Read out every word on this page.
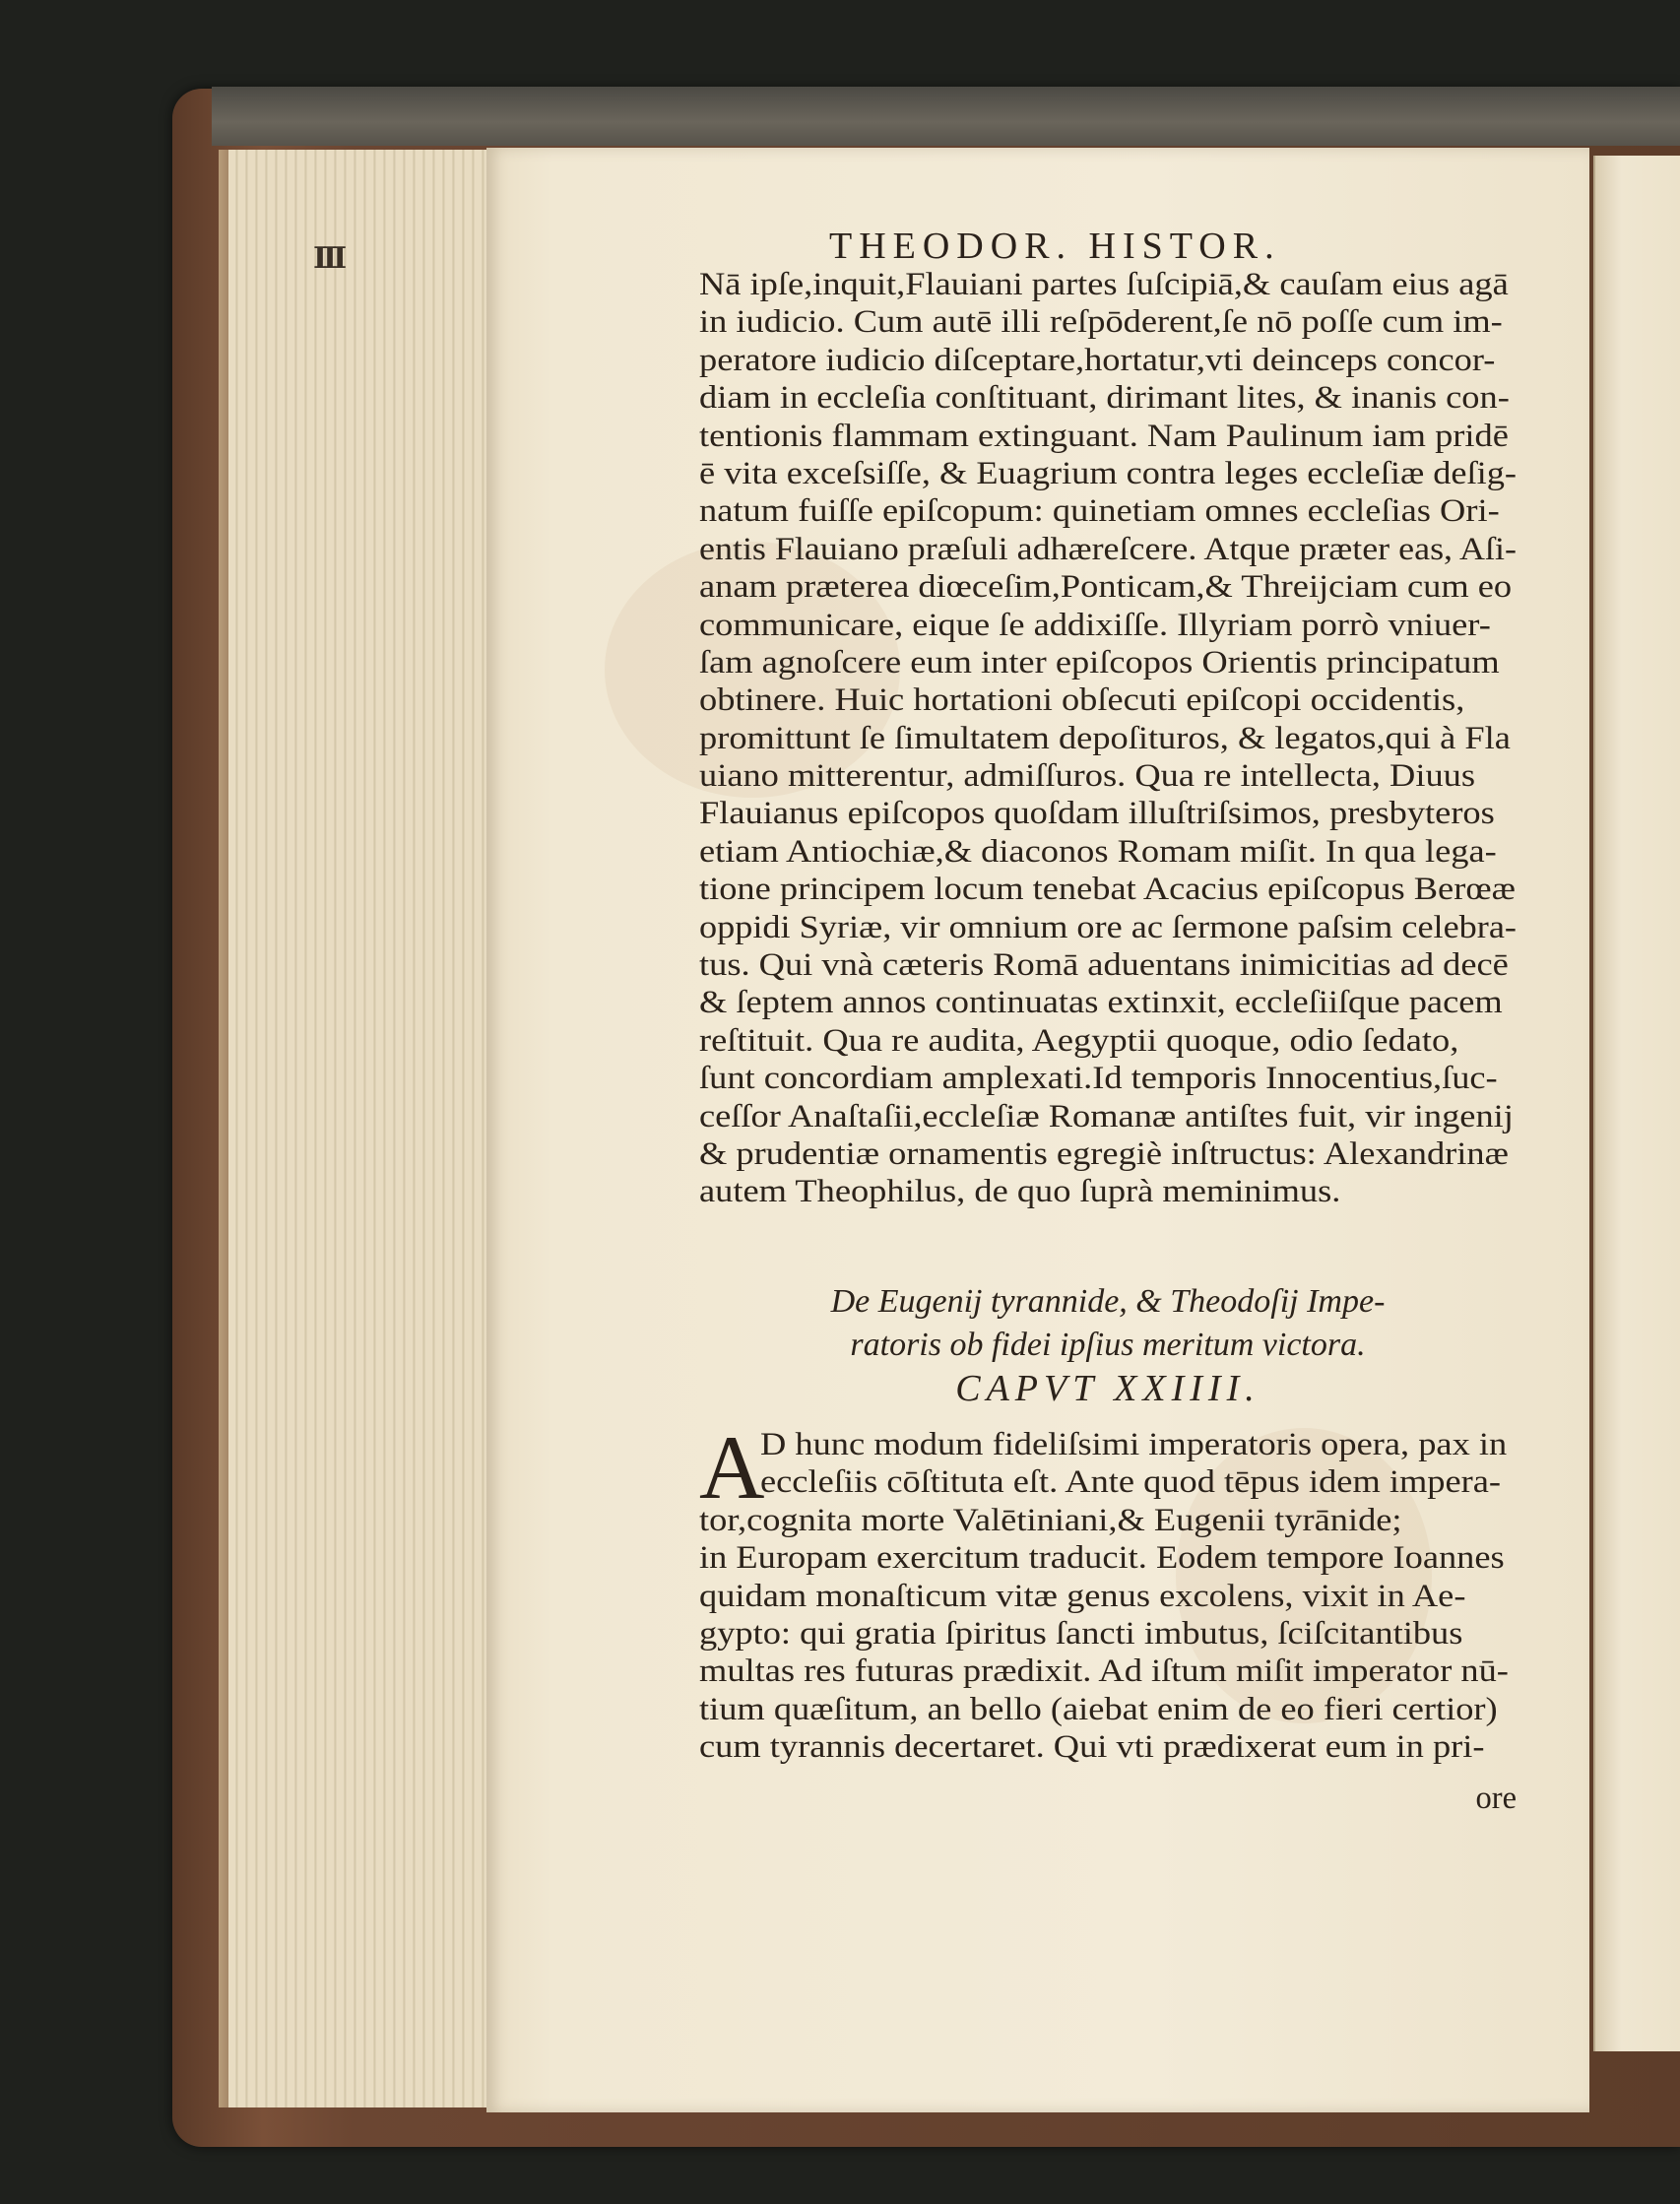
III	THEODOR. HISTOR.
Nā ipſe,inquit,Flauiani partes ſuſcipiā,& cauſam eius agā
in iudicio. Cum autē illi reſpōderent,ſe nō poſſe cum im-
peratore iudicio diſceptare,hortatur,vti deinceps concor-
diam in eccleſia conſtituant, dirimant lites, & inanis con-
tentionis flammam extinguant. Nam Paulinum iam pridē
ē vita exceſsiſſe, & Euagrium contra leges eccleſiæ deſig-
natum fuiſſe epiſcopum: quinetiam omnes eccleſias Ori-
entis Flauiano præſuli adhæreſcere. Atque præter eas, Aſi-
anam præterea diœceſim,Ponticam,& Threijciam cum eo
communicare, eique ſe addixiſſe. Illyriam porrò vniuer-
ſam agnoſcere eum inter epiſcopos Orientis principatum
obtinere. Huic hortationi obſecuti epiſcopi occidentis,
promittunt ſe ſimultatem depoſituros, & legatos,qui à Fla
uiano mitterentur, admiſſuros. Qua re intellecta, Diuus
Flauianus epiſcopos quoſdam illuſtriſsimos, presbyteros
etiam Antiochiæ,& diaconos Romam miſit. In qua lega-
tione principem locum tenebat Acacius epiſcopus Berœæ
oppidi Syriæ, vir omnium ore ac ſermone paſsim celebra-
tus. Qui vnà cæteris Romā aduentans inimicitias ad decē
& ſeptem annos continuatas extinxit, eccleſiiſque pacem
reſtituit. Qua re audita, Aegyptii quoque, odio ſedato,
ſunt concordiam amplexati.Id temporis Innocentius,ſuc-
ceſſor Anaſtaſii,eccleſiæ Romanæ antiſtes fuit, vir ingenij
& prudentiæ ornamentis egregiè inſtructus: Alexandrinæ
autem Theophilus, de quo ſuprà meminimus.
De Eugenij tyrannide, & Theodoſij Impe-
ratoris ob fidei ipſius meritum victora.
CAPVT XXIIII.
A
D hunc modum fideliſsimi imperatoris opera, pax in
eccleſiis cōſtituta eſt. Ante quod tēpus idem impera-
tor,cognita morte Valētiniani,& Eugenii tyrānide;
in Europam exercitum traducit. Eodem tempore Ioannes
quidam monaſticum vitæ genus excolens, vixit in Ae-
gypto: qui gratia ſpiritus ſancti imbutus, ſciſcitantibus
multas res futuras prædixit. Ad iſtum miſit imperator nū-
tium quæſitum, an bello (aiebat enim de eo fieri certior)
cum tyrannis decertaret. Qui vti prædixerat eum in pri-
ore
